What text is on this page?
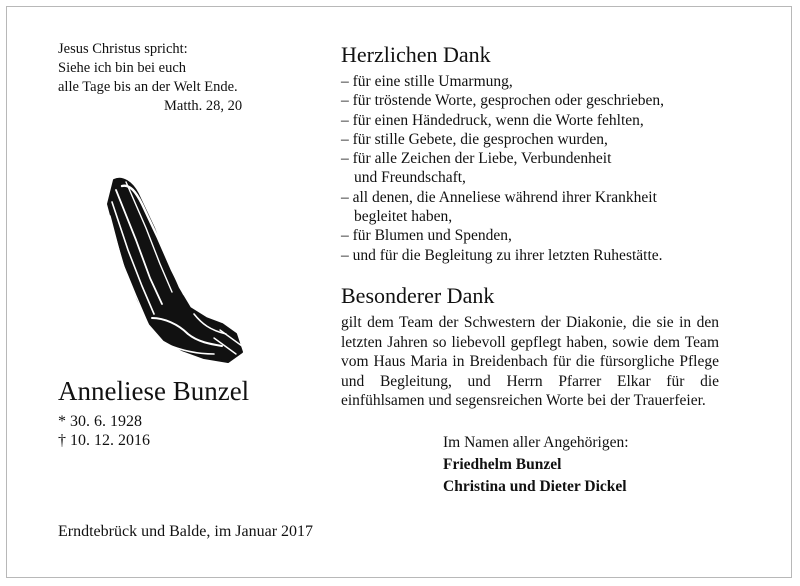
Jesus Christus spricht:
Siehe ich bin bei euch
alle Tage bis an der Welt Ende.
Matth. 28, 20
Anneliese Bunzel
* 30. 6. 1928
† 10. 12. 2016
Erndtebrück und Balde, im Januar 2017
Herzlichen Dank
– für eine stille Umarmung,
– für tröstende Worte, gesprochen oder geschrieben,
– für einen Händedruck, wenn die Worte fehlten,
– für stille Gebete, die gesprochen wurden,
– für alle Zeichen der Liebe, Verbundenheit
und Freundschaft,
– all denen, die Anneliese während ihrer Krankheit
begleitet haben,
– für Blumen und Spenden,
– und für die Begleitung zu ihrer letzten Ruhestätte.
Besonderer Dank

gilt dem Team der Schwestern der Diakonie, die sie in den letzten Jahren so liebevoll gepflegt haben, sowie dem Team vom Haus Maria in Breidenbach für die fürsorgliche Pflege und Begleitung, und Herrn Pfarrer Elkar für die einfühlsamen und segensreichen Worte bei der Trauerfeier.

Im Namen aller Angehörigen:
Friedhelm Bunzel
Christina und Dieter Dickel
